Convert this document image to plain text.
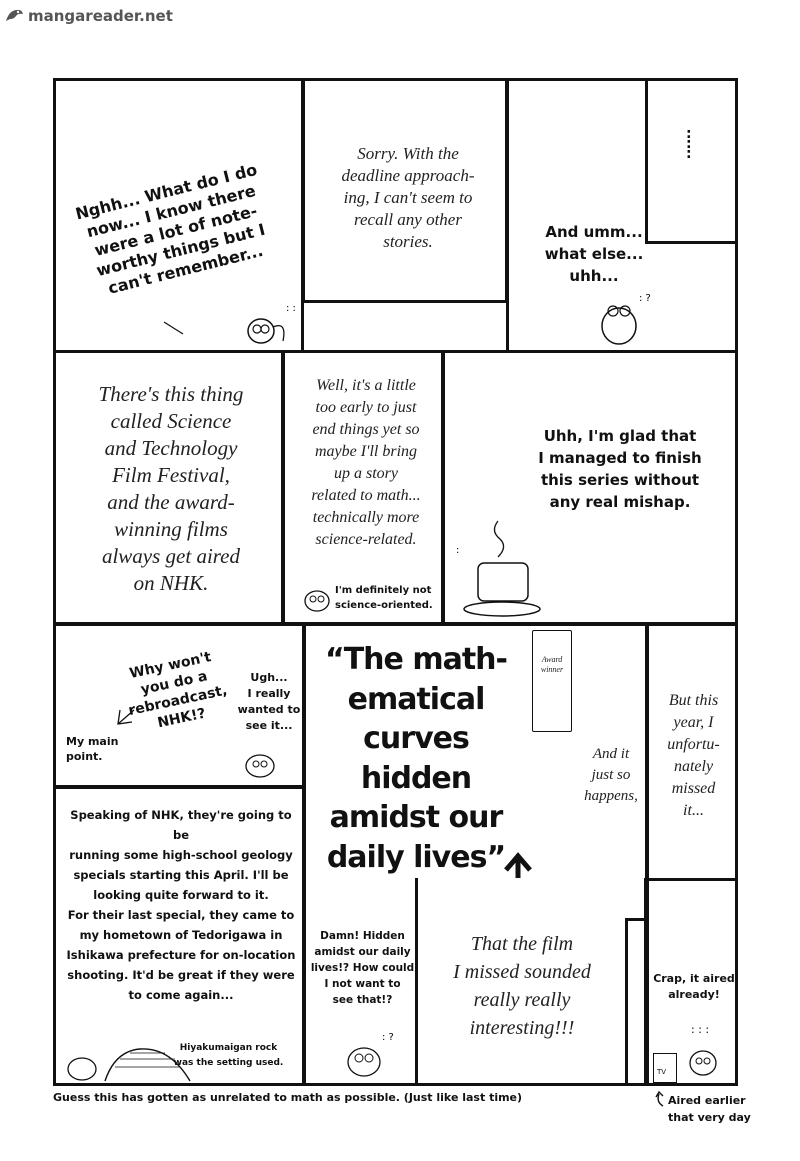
mangareader.net
Nghh... What do I do
now... I know there
were a lot of note-
worthy things but I
can't remember...
: :
Sorry. With the
deadline approach-
ing, I can't seem to
recall any other
stories.
:
:
:
And umm...
what else...
uhh...
: ?
There's this thing
called Science
and Technology
Film Festival,
and the award-
winning films
always get aired
on NHK.
Well, it's a little
too early to just
end things yet so
maybe I'll bring
up a story
related to math...
technically more
science-related.
I'm definitely not
science-oriented.
Uhh, I'm glad that
I managed to finish
this series without
any real mishap.
:
Why won't
you do a
rebroadcast,
NHK!?
Ugh...
I really
wanted to
see it...
My main
point.
“The math-
ematical
curves hidden
amidst our
daily lives”
Award
winner
And it
just so
happens,
But this
year, I
unfortu-
nately
missed
it...
Speaking of NHK, they're going to be
running some high-school geology
specials starting this April. I'll be
looking quite forward to it.
For their last special, they came to
my hometown of Tedorigawa in
Ishikawa prefecture for on-location
shooting. It'd be great if they were
to come again...
Hiyakumaigan rock
was the setting used.
Damn! Hidden
amidst our daily
lives!? How could
I not want to
see that!?
: ?
That the film
I missed sounded
really really
interesting!!!
Crap, it aired
already!
TV
: : :
Guess this has gotten as unrelated to math as possible. (Just like last time)	Aired earlier
that very day
